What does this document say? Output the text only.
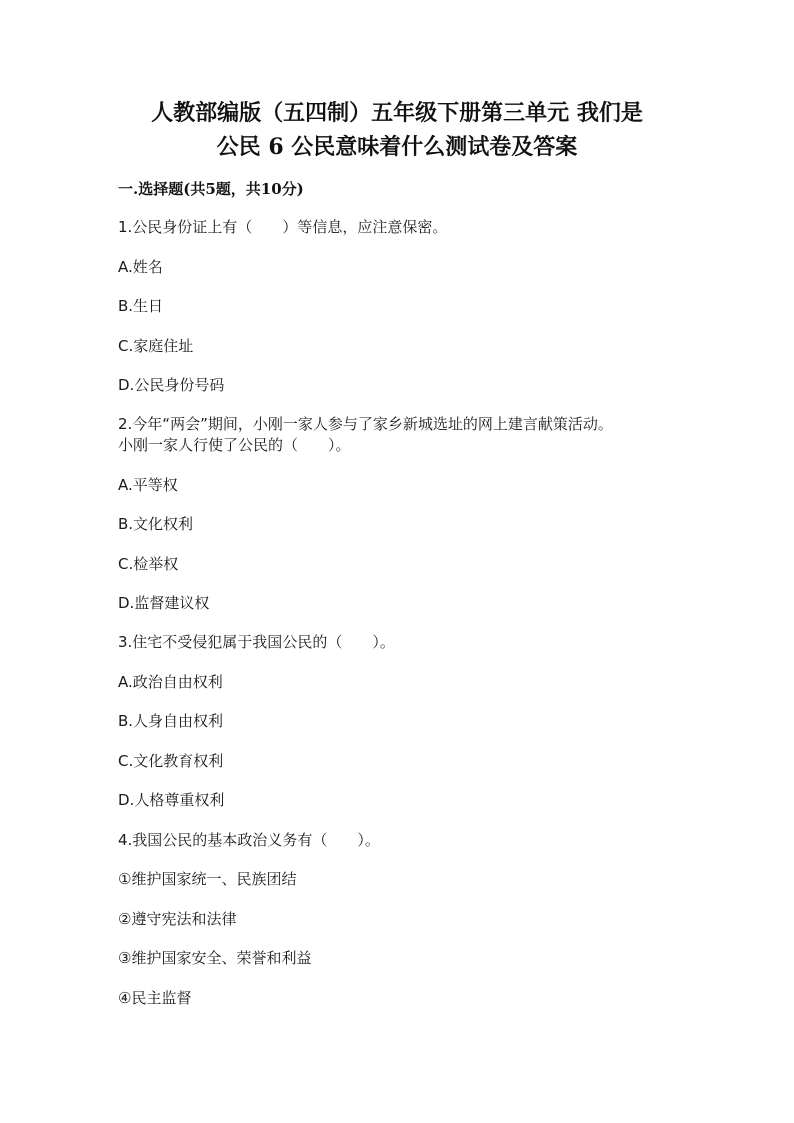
人教部编版（五四制）五年级下册第三单元 我们是
公民 6 公民意味着什么测试卷及答案
一.选择题(共5题，共10分)
1.公民身份证上有（　　）等信息，应注意保密。
A.姓名
B.生日
C.家庭住址
D.公民身份号码
2.今年“两会”期间，小刚一家人参与了家乡新城选址的网上建言献策活动。
小刚一家人行使了公民的（　　）。
A.平等权
B.文化权利
C.检举权
D.监督建议权
3.住宅不受侵犯属于我国公民的（　　）。
A.政治自由权利
B.人身自由权利
C.文化教育权利
D.人格尊重权利
4.我国公民的基本政治义务有（　　）。
①维护国家统一、民族团结
②遵守宪法和法律
③维护国家安全、荣誉和利益
④民主监督
